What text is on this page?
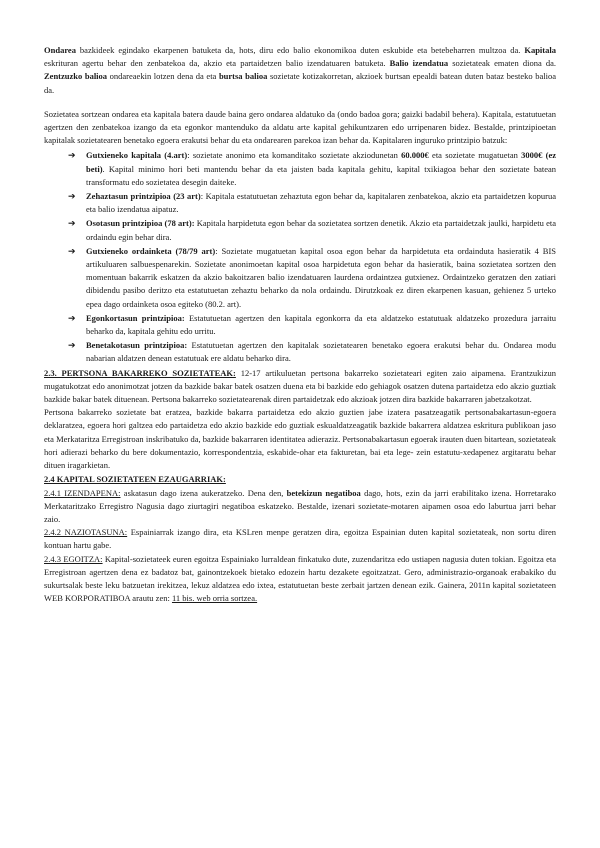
Ondarea bazkideek egindako ekarpenen batuketa da, hots, diru edo balio ekonomikoa duten eskubide eta betebeharren multzoa da. Kapitala eskrituran agertu behar den zenbatekoa da, akzio eta partaidetzen balio izendatuaren batuketa. Balio izendatua sozietateak ematen diona da. Zentzuzko balioa ondareaekin lotzen dena da eta burtsa balioa sozietate kotizakorretan, akzioek burtsan epealdi batean duten bataz besteko balioa da.

Sozietatea sortzean ondarea eta kapitala batera daude baina gero ondarea aldatuko da (ondo badoa gora; gaizki badabil behera). Kapitala, estatutuetan agertzen den zenbatekoa izango da eta egonkor mantenduko da aldatu arte kapital gehikuntzaren edo urripenaren bidez. Bestalde, printzipioetan kapitalak sozietatearen benetako egoera erakutsi behar du eta ondarearen parekoa izan behar da. Kapitalaren inguruko printzipio batzuk:

➔ Gutxieneko kapitala (4.art): sozietate anonimo eta komanditako sozietate akziodunetan 60.000€ eta sozietate mugatuetan 3000€ (ez beti). Kapital minimo hori beti mantendu behar da eta jaisten bada kapitala gehitu, kapital txikiagoa behar den sozietate batean transformatu edo sozietatea desegin daiteke.
➔ Zehaztasun printzipioa (23 art): Kapitala estatutuetan zehaztuta egon behar da, kapitalaren zenbatekoa, akzio eta partaidetzen kopurua eta balio izendatua aipatuz.
➔ Osotasun printzipioa (78 art): Kapitala harpidetuta egon behar da sozietatea sortzen denetik. Akzio eta partaidetzak jaulki, harpidetu eta ordaindu egin behar dira.
➔ Gutxieneko ordainketa (78/79 art): Sozietate mugatuetan kapital osoa egon behar da harpidetuta eta ordainduta hasieratik 4 BIS artikuluaren salbuespenarekin. Sozietate anonimoetan kapital osoa harpidetuta egon behar da hasieratik, baina sozietatea sortzen den momentuan bakarrik eskatzen da akzio bakoitzaren balio izendatuaren laurdena ordaintzea gutxienez. Ordaintzeko geratzen den zatiari dibidendu pasibo deritzo eta estatutuetan zehaztu beharko da nola ordaindu. Dirutzkoak ez diren ekarpenen kasuan, gehienez 5 urteko epea dago ordainketa osoa egiteko (80.2. art).
➔ Egonkortasun printzipioa: Estatutuetan agertzen den kapitala egonkorra da eta aldatzeko estatutuak aldatzeko prozedura jarraitu beharko da, kapitala gehitu edo urritu.
➔ Benetakotasun printzipioa: Estatutuetan agertzen den kapitalak sozietatearen benetako egoera erakutsi behar du. Ondarea modu nabarian aldatzen denean estatutuak ere aldatu beharko dira.

2.3. PERTSONA BAKARREKO SOZIETATEAK: 12-17 artikuluetan pertsona bakarreko sozietateari egiten zaio aipamena. Erantzukizun mugatukotzat edo anonimotzat jotzen da bazkide bakar batek osatzen duena eta bi bazkide edo gehiagok osatzen dutena partaidetza edo akzio guztiak bazkide bakar batek dituenean. Pertsona bakarreko sozietatearenak diren partaidetzak edo akzioak jotzen dira bazkide bakarraren jabetzakotzat.

Pertsona bakarreko sozietate bat eratzea, bazkide bakarra partaidetza edo akzio guztien jabe izatera pasatzeagatik pertsonabakartasun-egoera deklaratzea, egoera hori galtzea edo partaidetza edo akzio bazkide edo guztiak eskualdatzeagatik bazkide bakarrera aldatzea eskritura publikoan jaso eta Merkataritza Erregistroan inskribatuko da, bazkide bakarraren identitatea adieraziz. Pertsonabakartasun egoerak irauten duen bitartean, sozietateak hori adierazi beharko du bere dokumentazio, korrespondentzia, eskabide-ohar eta fakturetan, bai eta lege- zein estatutu-xedapenez argitaratu behar dituen iragarkietan.

2.4 KAPITAL SOZIETATEEN EZAUGARRIAK:

2.4.1 IZENDAPENA: askatasun dago izena aukeratzeko. Dena den, betekizun negatiboa dago, hots, ezin da jarri erabilitako izena. Horretarako Merkataritzako Erregistro Nagusia dago ziurtagiri negatiboa eskatzeko. Bestalde, izenari sozietate-motaren aipamen osoa edo laburtua jarri behar zaio.

2.4.2 NAZIOTASUNA: Espainiarrak izango dira, eta KSLren menpe geratzen dira, egoitza Espainian duten kapital sozietateak, non sortu diren kontuan hartu gabe.

2.4.3 EGOITZA: Kapital-sozietateek euren egoitza Espainiako lurraldean finkatuko dute, zuzendaritza edo ustiapen nagusia duten tokian. Egoitza eta Erregistroan agertzen dena ez badatoz bat, gainontzekoek bietako edozein hartu dezakete egoitzatzat. Gero, administrazio-organoak erabakiko du sukurtsalak beste leku batzuetan irekitzea, lekuz aldatzea edo ixtea, estatutuetan beste zerbait jartzen denean ezik. Gainera, 2011n kapital sozietateen WEB KORPORATIBOA arautu zen: 11 bis. web orria sortzea.
